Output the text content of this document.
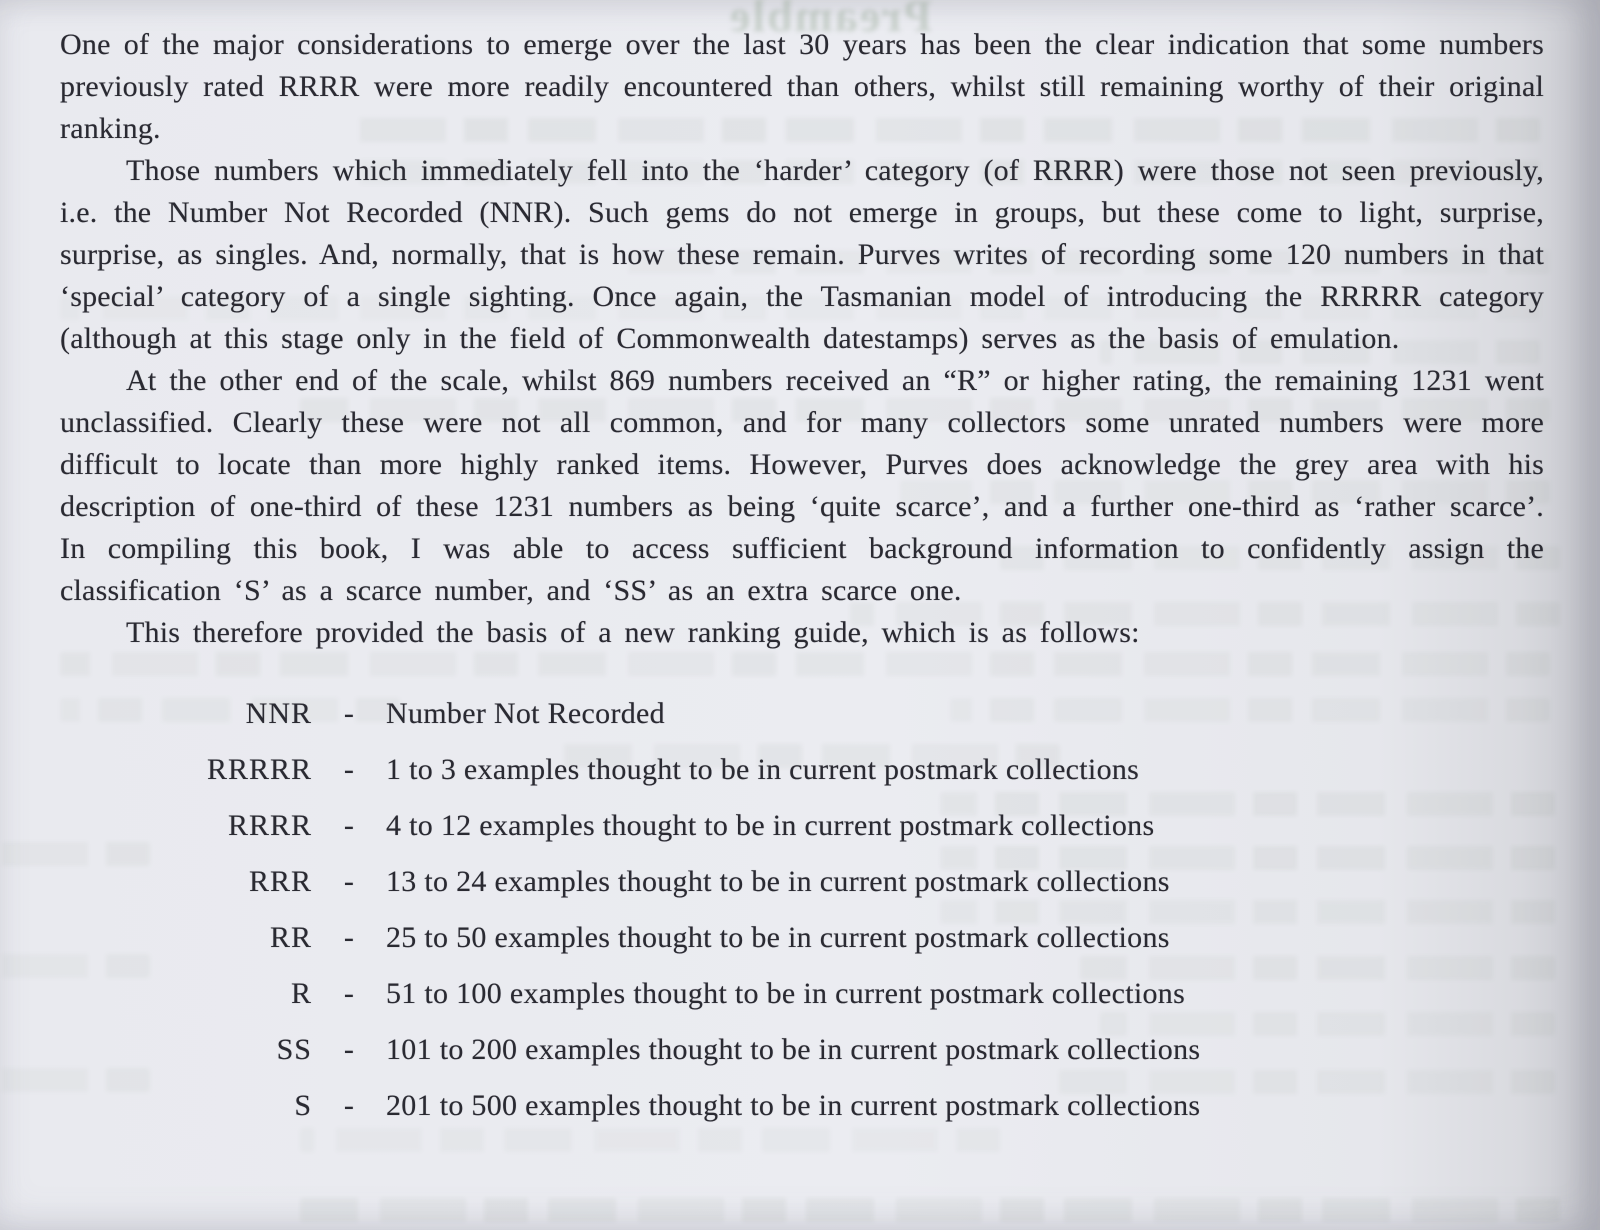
Preamble

One of the major considerations to emerge over the last 30 years has been the clear indication that some numbers previously rated RRRR were more readily encountered than others, whilst still remaining worthy of their original ranking.

Those numbers which immediately fell into the ‘harder’ category (of RRRR) were those not seen previously, i.e. the Number Not Recorded (NNR). Such gems do not emerge in groups, but these come to light, surprise, surprise, as singles. And, normally, that is how these remain. Purves writes of recording some 120 numbers in that ‘special’ category of a single sighting. Once again, the Tasmanian model of introducing the RRRRR category (although at this stage only in the field of Commonwealth datestamps) serves as the basis of emulation.

At the other end of the scale, whilst 869 numbers received an “R” or higher rating, the remaining 1231 went unclassified. Clearly these were not all common, and for many collectors some unrated numbers were more difficult to locate than more highly ranked items. However, Purves does acknowledge the grey area with his description of one-third of these 1231 numbers as being ‘quite scarce’, and a further one-third as ‘rather scarce’. In compiling this book, I was able to access sufficient background information to confidently assign the classification ‘S’ as a scarce number, and ‘SS’ as an extra scarce one.

This therefore provided the basis of a new ranking guide, which is as follows:

NNR	-	Number Not Recorded
RRRRR	-	1 to 3 examples thought to be in current postmark collections
RRRR	-	4 to 12 examples thought to be in current postmark collections
RRR	-	13 to 24 examples thought to be in current postmark collections
RR	-	25 to 50 examples thought to be in current postmark collections
R	-	51 to 100 examples thought to be in current postmark collections
SS	-	101 to 200 examples thought to be in current postmark collections
S	-	201 to 500 examples thought to be in current postmark collections
